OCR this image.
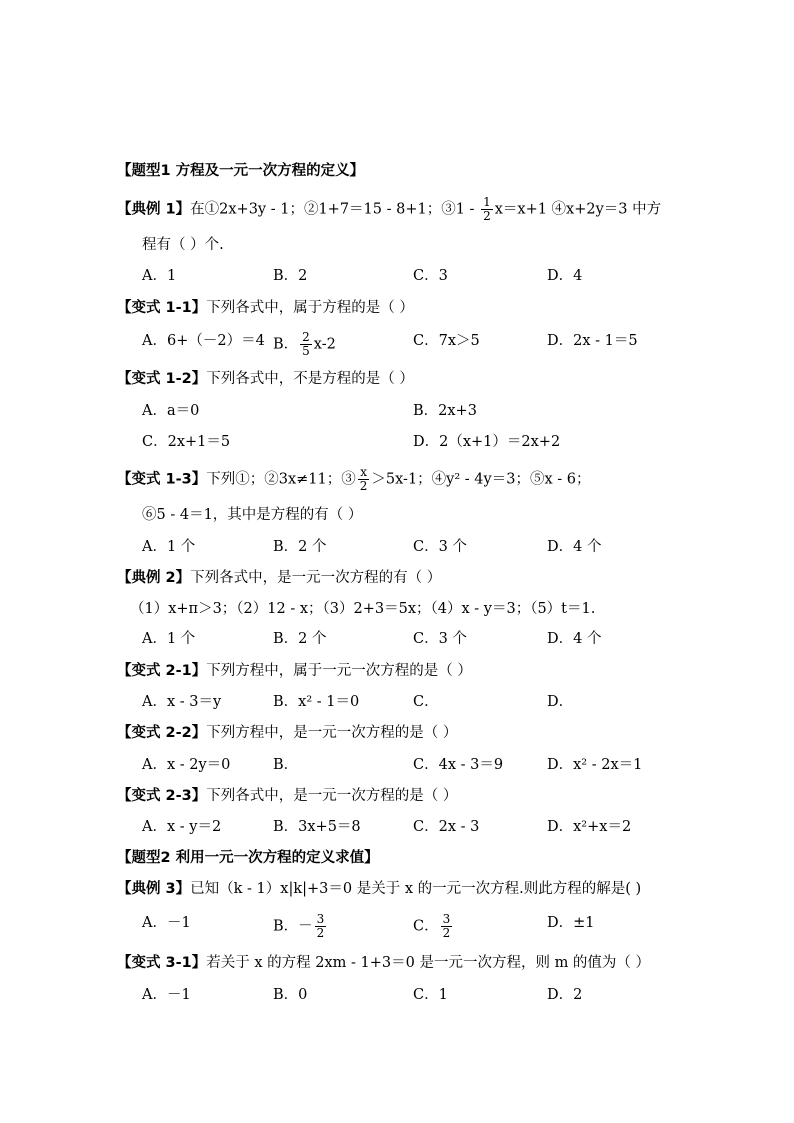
【题型1 方程及一元一次方程的定义】
【典例 1】在①2x+3y - 1；②1+7＝15 - 8+1；③1 - $\frac{1}{2} x=x+1$ ④x+2y＝3 中方
程有（ ）个.
A．1	B．2	C．3	D．4
【变式 1-1】下列各式中，属于方程的是（ ）
A．6+（－2）＝4 B． $\frac{2}{5} x-2$	C．7x＞5	D．2x - 1＝5
【变式 1-2】下列各式中，不是方程的是（ ）
A．a＝0	B．2x+3
C．2x+1＝5	D．2（x+1）＝2x+2
【变式 1-3】下列①；②3x≠11；③ $\frac{x}{2} >5x-1$；④y² - 4y＝3；⑤x - 6；
⑥5 - 4＝1，其中是方程的有（ ）
A．1 个	B．2 个	C．3 个	D．4 个
【典例 2】下列各式中，是一元一次方程的有（ ）
（1）x+π＞3；（2）12 - x；（3）2+3＝5x；（4）x - y＝3；（5）t＝1.
A．1 个	B．2 个	C．3 个	D．4 个
【变式 2-1】下列方程中，属于一元一次方程的是（ ）
A．x - 3＝y	B．x² - 1＝0	C．	D．
【变式 2-2】下列方程中，是一元一次方程的是（ ）
A．x - 2y＝0	B．	C．4x - 3＝9	D．x² - 2x＝1
【变式 2-3】下列各式中，是一元一次方程的是（ ）
A．x - y＝2	B．3x+5＝8	C．2x - 3	D．x²+x＝2
【题型2 利用一元一次方程的定义求值】
【典例 3】已知（k - 1）x|k|+3＝0 是关于 x 的一元一次方程.则此方程的解是( )
A．－1	B．－ $\frac{3}{2}$	C． $\frac{3}{2}$	D．±1
【变式 3-1】若关于 x 的方程 2xm - 1+3＝0 是一元一次方程，则 m 的值为（ ）
A．－1	B．0	C．1	D．2
